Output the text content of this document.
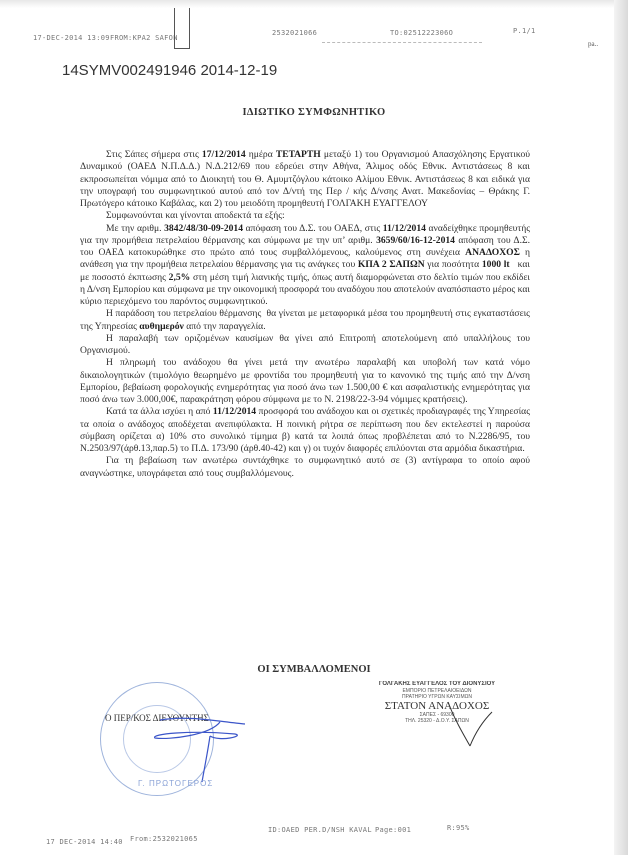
17-DEC-2014 13:09 FROM:KPA2 SAFON
2532021066	TO:0251222306O	P.1/1
pa..
14SYMV002491946 2014-12-19
ΙΔΙΩΤΙΚΟ ΣΥΜΦΩΝΗΤΙΚΟ

Στις Σάπες σήμερα στις 17/12/2014 ημέρα ΤΕΤΑΡΤΗ μεταξύ 1) του Οργανισμού Απασχόλησης Εργατικού Δυναμικού (ΟΑΕΔ Ν.Π.Δ.Δ.) Ν.Δ.212/69 που εδρεύει στην Αθήνα, Άλιμος οδός Εθνικ. Αντιστάσεως 8 και εκπροσωπείται νόμιμα από το Διοικητή του Θ. Αμυμτζόγλου κάτοικο Αλίμου Εθνικ. Αντιστάσεως 8 και ειδικά για την υπογραφή του συμφωνητικού αυτού από τον Δ/ντή της Περ / κής Δ/νσης Ανατ. Μακεδονίας – Θράκης Γ. Πρωτόγερο κάτοικο Καβάλας, και 2) του μειοδότη προμηθευτή ΓΟΛΓΑΚΗ ΕΥΑΓΓΕΛΟΥ

Συμφωνούνται και γίνονται αποδεκτά τα εξής:

Με την αριθμ. 3842/48/30-09-2014 απόφαση του Δ.Σ. του ΟΑΕΔ, στις 11/12/2014 αναδείχθηκε προμηθευτής για την προμήθεια πετρελαίου θέρμανσης και σύμφωνα με την υπ’ αριθμ. 3659/60/16-12-2014 απόφαση του Δ.Σ. του ΟΑΕΔ κατοκυρώθηκε στο πρώτο από τους συμβαλλόμενους, καλούμενος στη συνέχεια ΑΝΑΔΟΧΟΣ η ανάθεση για την προμήθεια πετρελαίου θέρμανσης για τις ανάγκες του ΚΠΑ 2 ΣΑΠΩΝ για ποσότητα 1000 lt   και με ποσοστό έκπτωσης 2,5% στη μέση τιμή λιανικής τιμής, όπως αυτή διαμορφώνεται στο δελτίο τιμών που εκδίδει η Δ/νση Εμπορίου και σύμφωνα με την οικονομική προσφορά του αναδόχου που αποτελούν αναπόσπαστο μέρος και κύριο περιεχόμενο του παρόντος συμφωνητικού.

Η παράδοση του πετρελαίου θέρμανσης  θα γίνεται με μεταφορικά μέσα του προμηθευτή στις εγκαταστάσεις της Υπηρεσίας αυθημερόν από την παραγγελία.

Η παραλαβή των οριζομένων καυσίμων θα γίνει από Επιτροπή αποτελούμενη από υπαλλήλους του Οργανισμού.

Η πληρωμή του ανάδοχου θα γίνει μετά την ανωτέρω παραλαβή και υποβολή των κατά νόμο δικαιολογητικών (τιμολόγιο θεωρημένο με φροντίδα του προμηθευτή για το κανονικό της τιμής από την Δ/νση Εμπορίου, βεβαίωση φορολογικής ενημερότητας για ποσό άνω των 1.500,00 € και ασφαλιστικής ενημερότητας για ποσό άνω των 3.000,00€, παρακράτηση φόρου σύμφωνα με το Ν. 2198/22-3-94 νόμιμες κρατήσεις).

Κατά τα άλλα ισχύει η από 11/12/2014 προσφορά του ανάδοχου και οι σχετικές προδιαγραφές της Υπηρεσίας τα οποία ο ανάδοχος αποδέχεται ανεπιφύλακτα. Η ποινική ρήτρα σε περίπτωση που δεν εκτελεστεί η παρούσα σύμβαση ορίζεται α) 10% στο συνολικό τίμημα β) κατά τα λοιπά όπως προβλέπεται από το Ν.2286/95, του Ν.2503/97(άρθ.13,παρ.5) το Π.Δ. 173/90 (άρθ.40-42) και γ) οι τυχόν διαφορές επιλύονται στα αρμόδια δικαστήρια.

Για τη βεβαίωση των ανωτέρω συντάχθηκε το συμφωνητικό αυτό σε (3) αντίγραφα το οποίο αφού αναγνώστηκε, υπογράφεται από τους συμβαλλόμενους.

ΟΙ ΣΥΜΒΑΛΛΟΜΕΝΟΙ
Ο ΠΕΡ/ΚΟΣ ΔΙΕΥΘΥΝΤΗΣ
Γ. ΠΡΩΤΟΓΕΡΟΣ
ΓΟΛΓΑΚΗΣ ΕΥΑΓΓΕΛΟΣ ΤΟΥ ΔΙΟΝΥΣΙΟΥ
ΕΜΠΟΡΙΟ ΠΕΤΡΕΛΑΙΟΕΙΔΩΝ
ΠΡΑΤΗΡΙΟ ΥΓΡΩΝ ΚΑΥΣΙΜΩΝ
ΣΤΑΤΟΝ ΑΝΑΔΟΧΟΣ
ΣΑΠΕΣ - 69300
ΤΗΛ. 25320 - Δ.Ο.Υ. ΣΑΠΩΝ
17 DEC-2014 14:40 From:2532021065
ID:OAED PER.D/NSH KAVAL Page:001	R:95%
